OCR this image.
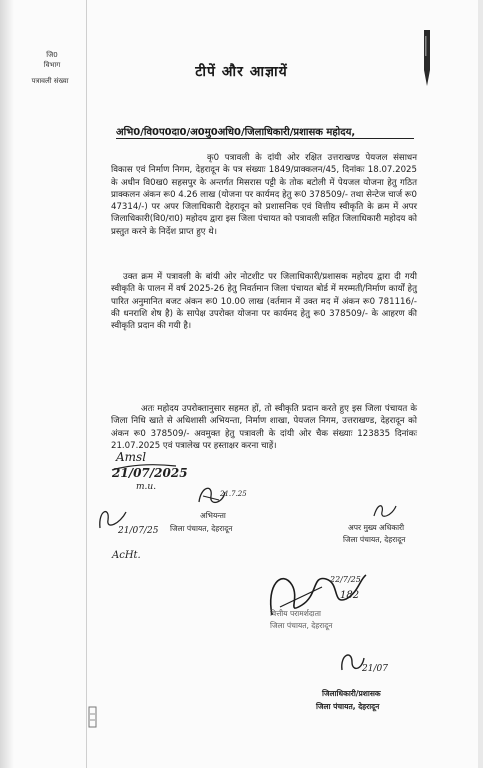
जि0
विभाग
पत्रावली संख्या
टीपें और आज्ञायें
अभि0/वि0प0दा0/अ0मु0अधि0/जिलाधिकारी/प्रशासक महोदय,
कृ0 पत्रावली के दांयी ओर रक्षित उत्तराखण्ड पेयजल संसाधन विकास एवं निर्माण निगम, देहरादून के पत्र संख्याः 1849/प्राक्कलन/45, दिनांकः 18.07.2025 के अधीन वि0ख0 सहसपुर के अन्तर्गत मिसरास पट्टी के तोक बटोली में पेयजल योजना हेतु गठित प्राक्कलन अंकन रू0 4.26 लाख (योजना पर कार्यमद हेतु रू0 378509/- तथा सेन्टेज चार्ज रू0 47314/-) पर अपर जिलाधिकारी देहरादून को प्रशासनिक एवं वित्तीय स्वीकृति के क्रम में अपर जिलाधिकारी(वि0/रा0) महोदय द्वारा इस जिला पंचायत को पत्रावली सहित जिलाधिकारी महोदय को प्रस्तुत करने के निर्देश प्राप्त हुए थे।
उक्त क्रम में पत्रावली के बांयी ओर नोटशीट पर जिलाधिकारी/प्रशासक महोदय द्वारा दी गयी स्वीकृति के पालन में वर्ष 2025-26 हेतु निवर्तमान जिला पंचायत बोर्ड में मरम्मती/निर्माण कार्यों हेतु पारित अनुमानित बजट अंकन रू0 10.00 लाख (वर्तमान में उक्त मद में अंकन रू0 781116/-की धनराशि शेष है) के सापेक्ष उपरोक्त योजना पर कार्यमद हेतु रू0 378509/- के आहरण की स्वीकृति प्रदान की गयी है।
अतः महोदय उपरोक्तानुसार सहमत हों, तो स्वीकृति प्रदान करते हुए इस जिला पंचायत के जिला निधि खाते से अधिशासी अभियन्ता, निर्माण शाखा, पेयजल निगम, उत्तराखण्ड, देहरादून को अंकन रू0 378509/- अवमुक्त हेतु पत्रावली के दांयी ओर चैक संख्याः 123835 दिनांकः 21.07.2025 एवं पत्रालेख पर हस्ताक्षर करना चाहें।
Amsl
21/07/2025
m.u.
21.7.25
अभियन्ता
जिला पंचायत, देहरादून
21/07/25
AcHt.
अपर मुख्य अधिकारी
जिला पंचायत, देहरादून
22/7/25
182
वित्तीय परामर्शदाता
जिला पंचायत, देहरादून
21/07
जिलाधिकारी/प्रशासक
जिला पंचायत, देहरादून
